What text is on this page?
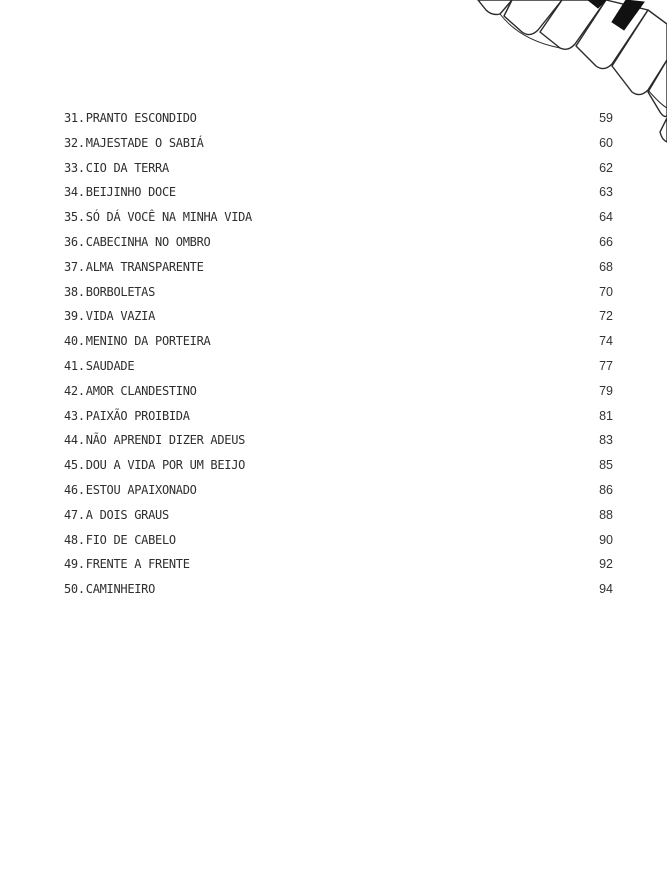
31. PRANTO ESCONDIDO	59
32. MAJESTADE O SABIÁ	60
33. CIO DA TERRA	62
34. BEIJINHO DOCE	63
35. SÓ DÁ VOCÊ NA MINHA VIDA	64
36. CABECINHA NO OMBRO	66
37. ALMA TRANSPARENTE	68
38. BORBOLETAS	70
39. VIDA VAZIA	72
40. MENINO DA PORTEIRA	74
41. SAUDADE	77
42. AMOR CLANDESTINO	79
43. PAIXÃO PROIBIDA	81
44. NÃO APRENDI DIZER ADEUS	83
45. DOU A VIDA POR UM BEIJO	85
46. ESTOU APAIXONADO	86
47. A DOIS GRAUS	88
48. FIO DE CABELO	90
49. FRENTE A FRENTE	92
50. CAMINHEIRO	94
